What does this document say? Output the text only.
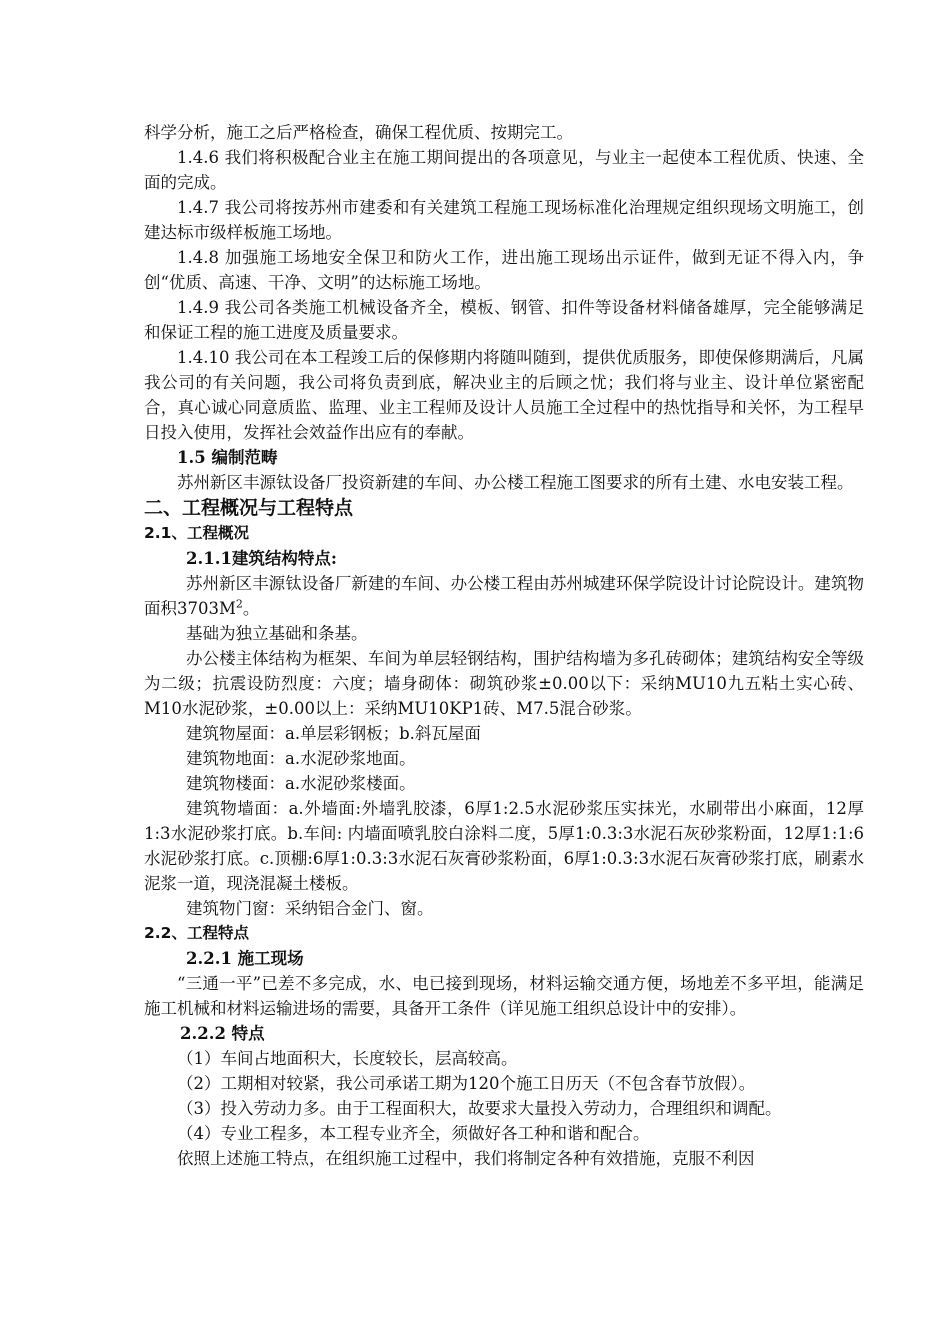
科学分析，施工之后严格检查，确保工程优质、按期完工。

1.4.6 我们将积极配合业主在施工期间提出的各项意见，与业主一起使本工程优质、快速、全面的完成。

1.4.7 我公司将按苏州市建委和有关建筑工程施工现场标准化治理规定组织现场文明施工，创建达标市级样板施工场地。

1.4.8 加强施工场地安全保卫和防火工作，进出施工现场出示证件，做到无证不得入内，争创“优质、高速、干净、文明”的达标施工场地。

1.4.9 我公司各类施工机械设备齐全，模板、钢管、扣件等设备材料储备雄厚，完全能够满足和保证工程的施工进度及质量要求。

1.4.10 我公司在本工程竣工后的保修期内将随叫随到，提供优质服务，即使保修期满后，凡属我公司的有关问题，我公司将负责到底，解决业主的后顾之忧；我们将与业主、设计单位紧密配合，真心诚心同意质监、监理、业主工程师及设计人员施工全过程中的热忱指导和关怀，为工程早日投入使用，发挥社会效益作出应有的奉献。

1.5 编制范畴

苏州新区丰源钛设备厂投资新建的车间、办公楼工程施工图要求的所有土建、水电安装工程。

二、工程概况与工程特点

2.1、工程概况

2.1.1建筑结构特点:

苏州新区丰源钛设备厂新建的车间、办公楼工程由苏州城建环保学院设计讨论院设计。建筑物面积$3703M^2$。

基础为独立基础和条基。

办公楼主体结构为框架、车间为单层轻钢结构，围护结构墙为多孔砖砌体；建筑结构安全等级为二级；抗震设防烈度：六度；墙身砌体：砌筑砂浆±0.00以下：采纳MU10九五粘土实心砖、M10水泥砂浆，±0.00以上：采纳MU10KP1砖、M7.5混合砂浆。

建筑物屋面：a.单层彩钢板；b.斜瓦屋面

建筑物地面：a.水泥砂浆地面。

建筑物楼面：a.水泥砂浆楼面。

建筑物墙面：a.外墙面:外墙乳胶漆，6厚1:2.5水泥砂浆压实抹光，水刷带出小麻面，12厚1:3水泥砂浆打底。b.车间: 内墙面喷乳胶白涂料二度，5厚1:0.3:3水泥石灰砂浆粉面，12厚1:1:6水泥砂浆打底。c.顶棚:6厚1:0.3:3水泥石灰膏砂浆粉面，6厚1:0.3:3水泥石灰膏砂浆打底，刷素水泥浆一道，现浇混凝土楼板。

建筑物门窗：采纳铝合金门、窗。

2.2、工程特点

2.2.1 施工现场

“三通一平”已差不多完成，水、电已接到现场，材料运输交通方便，场地差不多平坦，能满足施工机械和材料运输进场的需要，具备开工条件（详见施工组织总设计中的安排）。

2.2.2 特点

（1）车间占地面积大，长度较长，层高较高。

（2）工期相对较紧，我公司承诺工期为120个施工日历天（不包含春节放假）。

（3）投入劳动力多。由于工程面积大，故要求大量投入劳动力，合理组织和调配。

（4）专业工程多，本工程专业齐全，须做好各工种和谐和配合。

依照上述施工特点，在组织施工过程中，我们将制定各种有效措施，克服不利因
